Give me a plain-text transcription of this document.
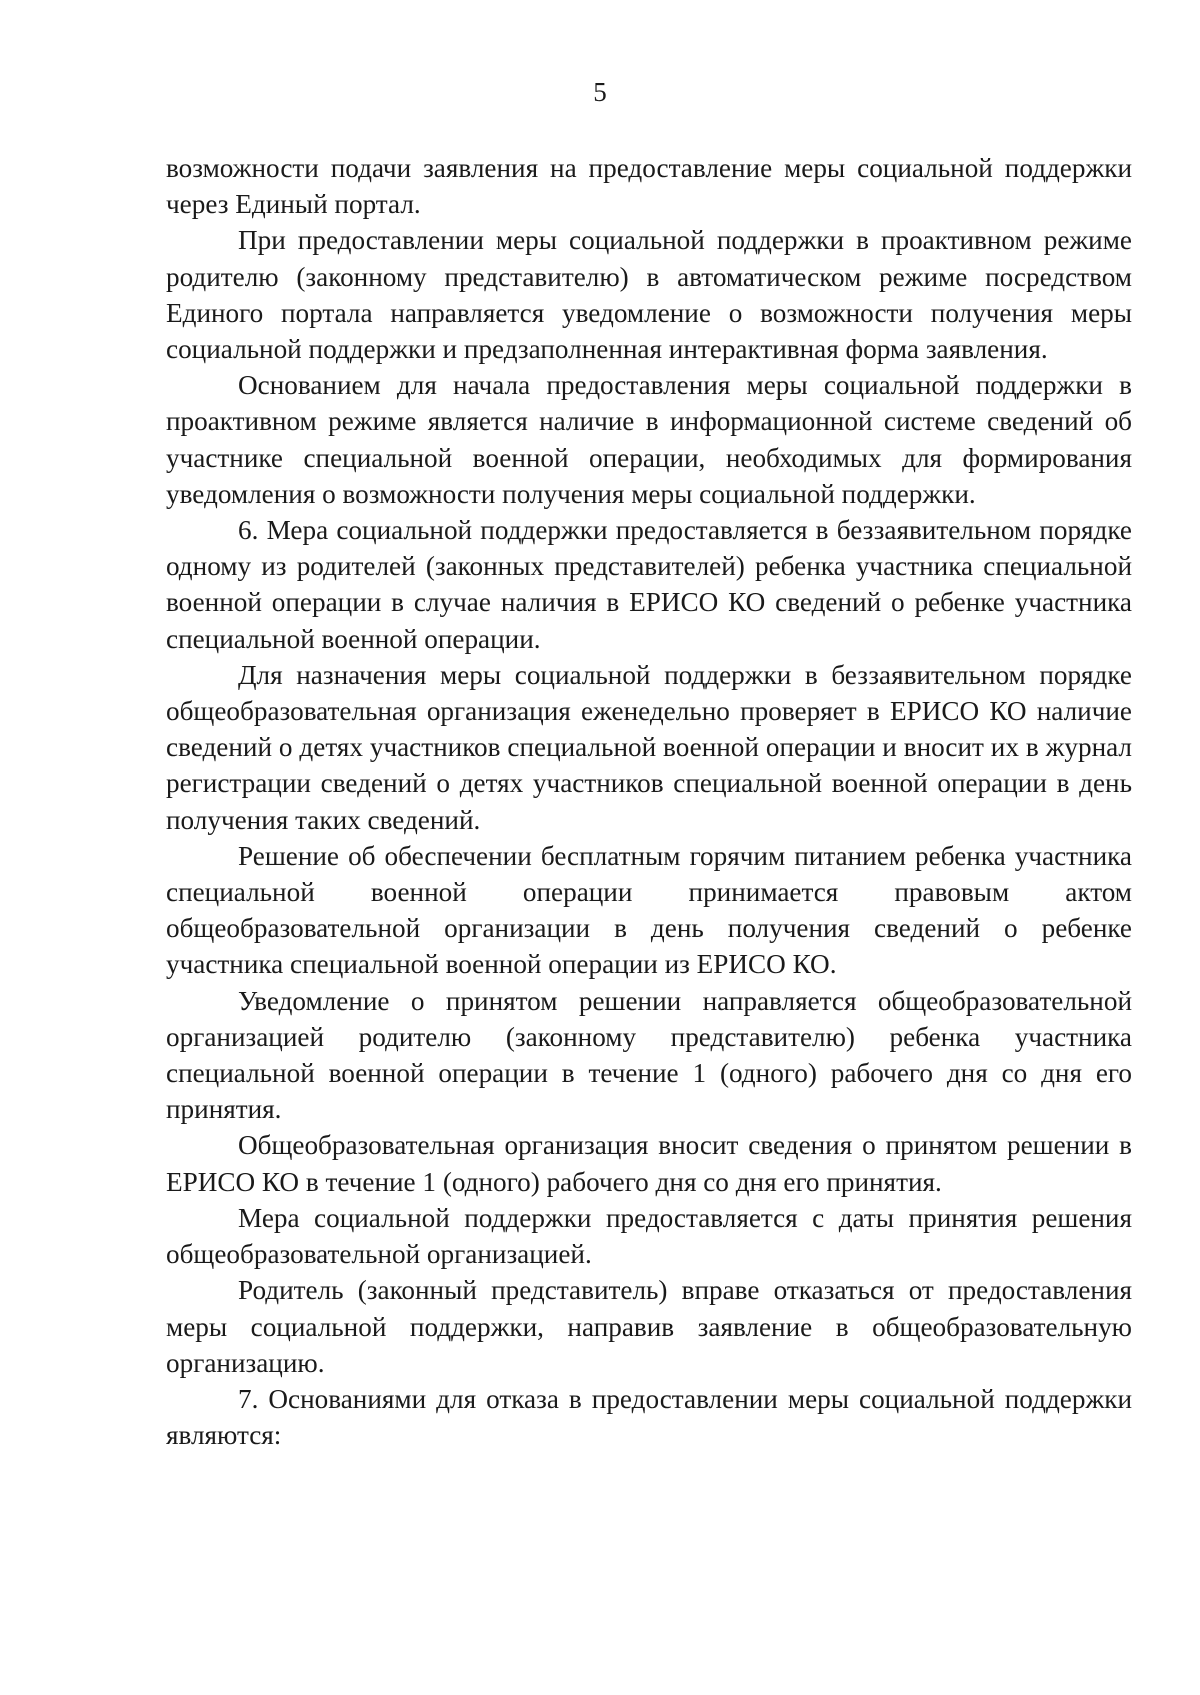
5

возможности подачи заявления на предоставление меры социальной поддержки через Единый портал.

При предоставлении меры социальной поддержки в проактивном режиме родителю (законному представителю) в автоматическом режиме посредством Единого портала направляется уведомление о возможности получения меры социальной поддержки и предзаполненная интерактивная форма заявления.

Основанием для начала предоставления меры социальной поддержки в проактивном режиме является наличие в информационной системе сведений об участнике специальной военной операции, необходимых для формирования уведомления о возможности получения меры социальной поддержки.

6. Мера социальной поддержки предоставляется в беззаявительном порядке одному из родителей (законных представителей) ребенка участника специальной военной операции в случае наличия в ЕРИСО КО сведений о ребенке участника специальной военной операции.

Для назначения меры социальной поддержки в беззаявительном порядке общеобразовательная организация еженедельно проверяет в ЕРИСО КО наличие сведений о детях участников специальной военной операции и вносит их в журнал регистрации сведений о детях участников специальной военной операции в день получения таких сведений.

Решение об обеспечении бесплатным горячим питанием ребенка участника специальной военной операции принимается правовым актом общеобразовательной организации в день получения сведений о ребенке участника специальной военной операции из ЕРИСО КО.

Уведомление о принятом решении направляется общеобразовательной организацией родителю (законному представителю) ребенка участника специальной военной операции в течение 1 (одного) рабочего дня со дня его принятия.

Общеобразовательная организация вносит сведения о принятом решении в ЕРИСО КО в течение 1 (одного) рабочего дня со дня его принятия.

Мера социальной поддержки предоставляется с даты принятия решения общеобразовательной организацией.

Родитель (законный представитель) вправе отказаться от предоставления меры социальной поддержки, направив заявление в общеобразовательную организацию.

7. Основаниями для отказа в предоставлении меры социальной поддержки являются:
